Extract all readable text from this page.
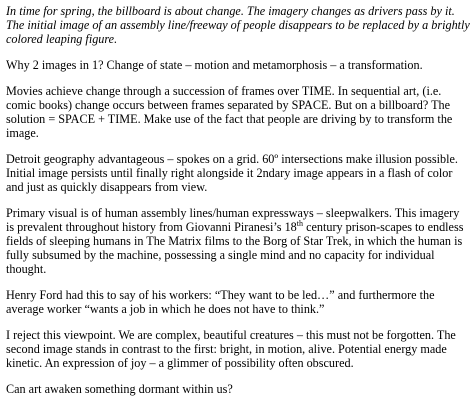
In time for spring, the billboard is about change. The imagery changes as drivers pass by it. The initial image of an assembly line/freeway of people disappears to be replaced by a brightly colored leaping figure.

Why 2 images in 1? Change of state – motion and metamorphosis – a transformation.

Movies achieve change through a succession of frames over TIME. In sequential art, (i.e. comic books) change occurs between frames separated by SPACE. But on a billboard? The solution = SPACE + TIME. Make use of the fact that people are driving by to transform the image.

Detroit geography advantageous – spokes on a grid. 60º intersections make illusion possible. Initial image persists until finally right alongside it 2ndary image appears in a flash of color and just as quickly disappears from view.

Primary visual is of human assembly lines/human expressways – sleepwalkers. This imagery is prevalent throughout history from Giovanni Piranesi’s 18th century prison-scapes to endless fields of sleeping humans in The Matrix films to the Borg of Star Trek, in which the human is fully subsumed by the machine, possessing a single mind and no capacity for individual thought.

Henry Ford had this to say of his workers: “They want to be led…” and furthermore the average worker “wants a job in which he does not have to think.”

I reject this viewpoint. We are complex, beautiful creatures – this must not be forgotten. The second image stands in contrast to the first: bright, in motion, alive. Potential energy made kinetic. An expression of joy – a glimmer of possibility often obscured.

Can art awaken something dormant within us?
